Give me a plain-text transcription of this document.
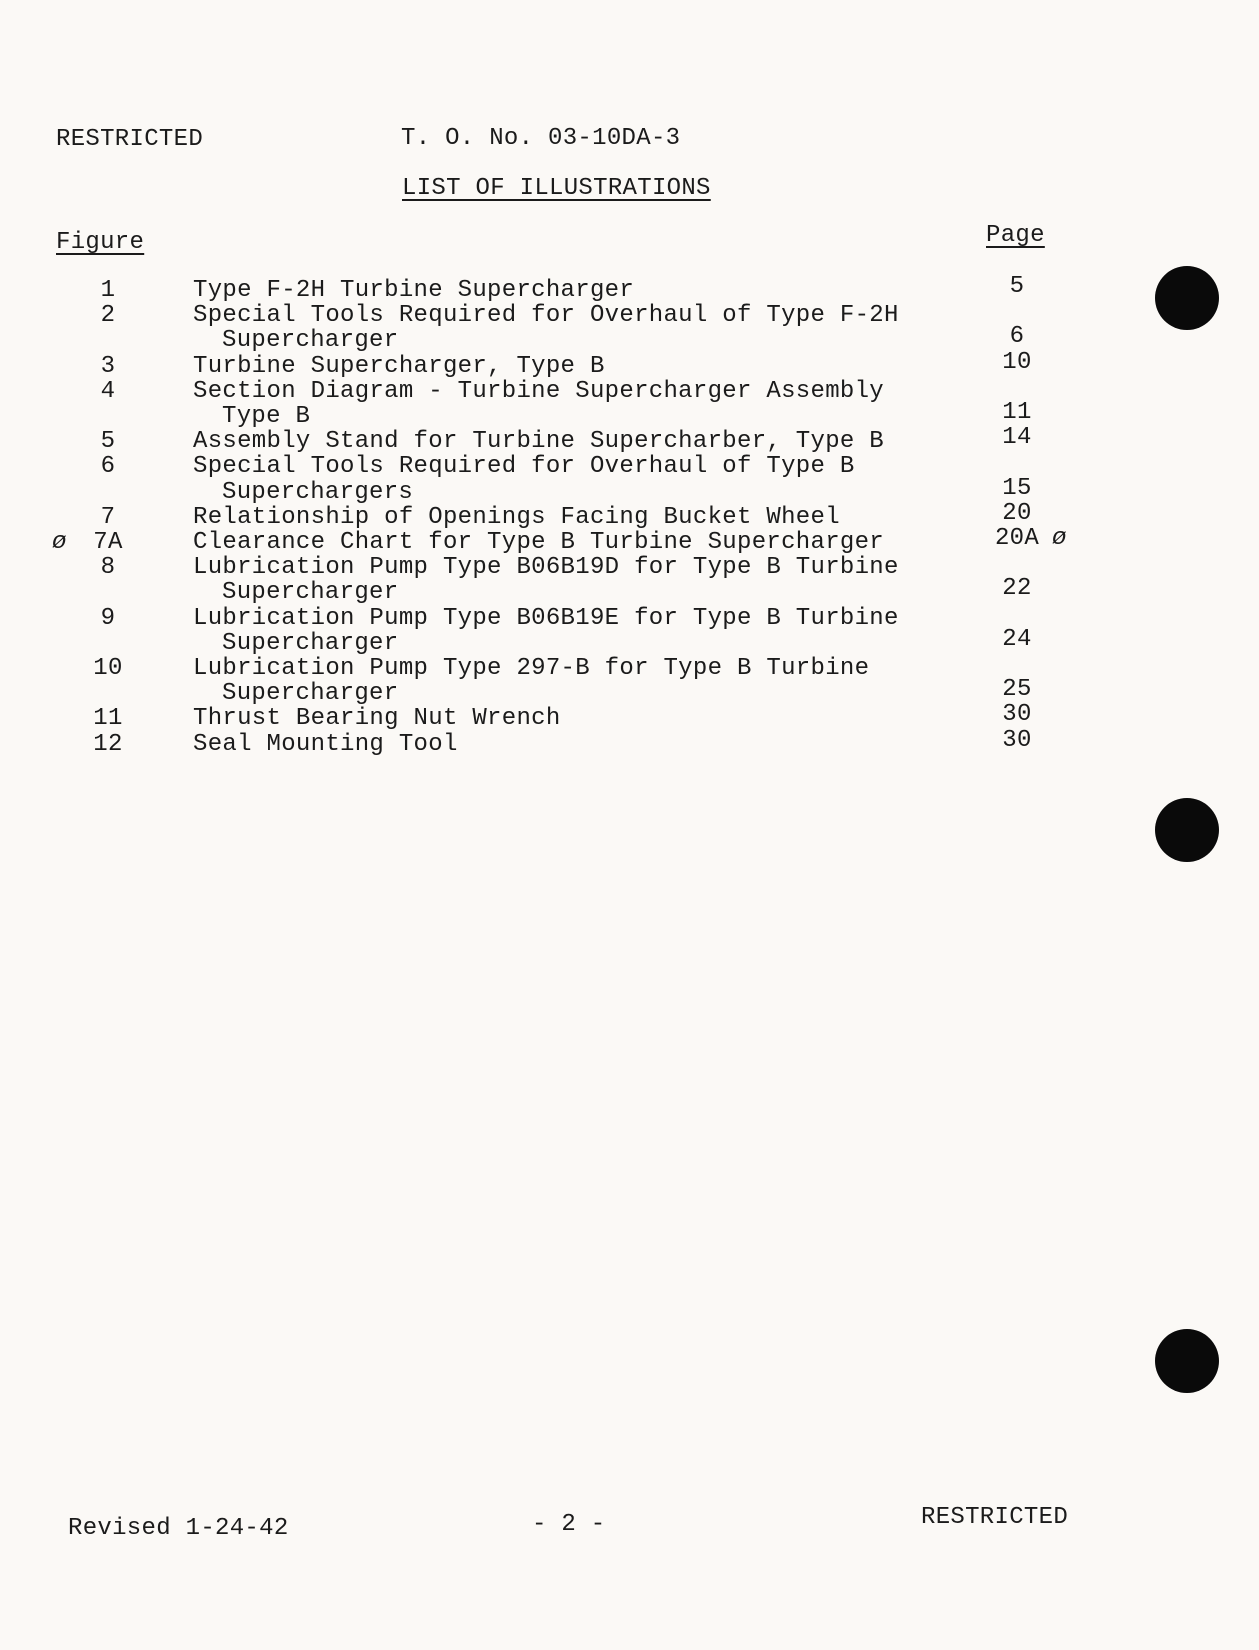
RESTRICTED	T. O. No. 03-10DA-3
LIST OF ILLUSTRATIONS
Figure	Page
1	Type F-2H Turbine Supercharger	5
2	Special Tools Required for Overhaul of Type F-2H
Supercharger	6
3	Turbine Supercharger, Type B	10
4	Section Diagram - Turbine Supercharger Assembly
Type B	11
5	Assembly Stand for Turbine Supercharber, Type B	14
6	Special Tools Required for Overhaul of Type B
Superchargers	15
7	Relationship of Openings Facing Bucket Wheel	20
ø	ø
7A	Clearance Chart for Type B Turbine Supercharger	20A
8	Lubrication Pump Type B06B19D for Type B Turbine
Supercharger	22
9	Lubrication Pump Type B06B19E for Type B Turbine
Supercharger	24
10	Lubrication Pump Type 297-B for Type B Turbine
Supercharger	25
11	Thrust Bearing Nut Wrench	30
12	Seal Mounting Tool	30
Revised 1-24-42	- 2 -	RESTRICTED
